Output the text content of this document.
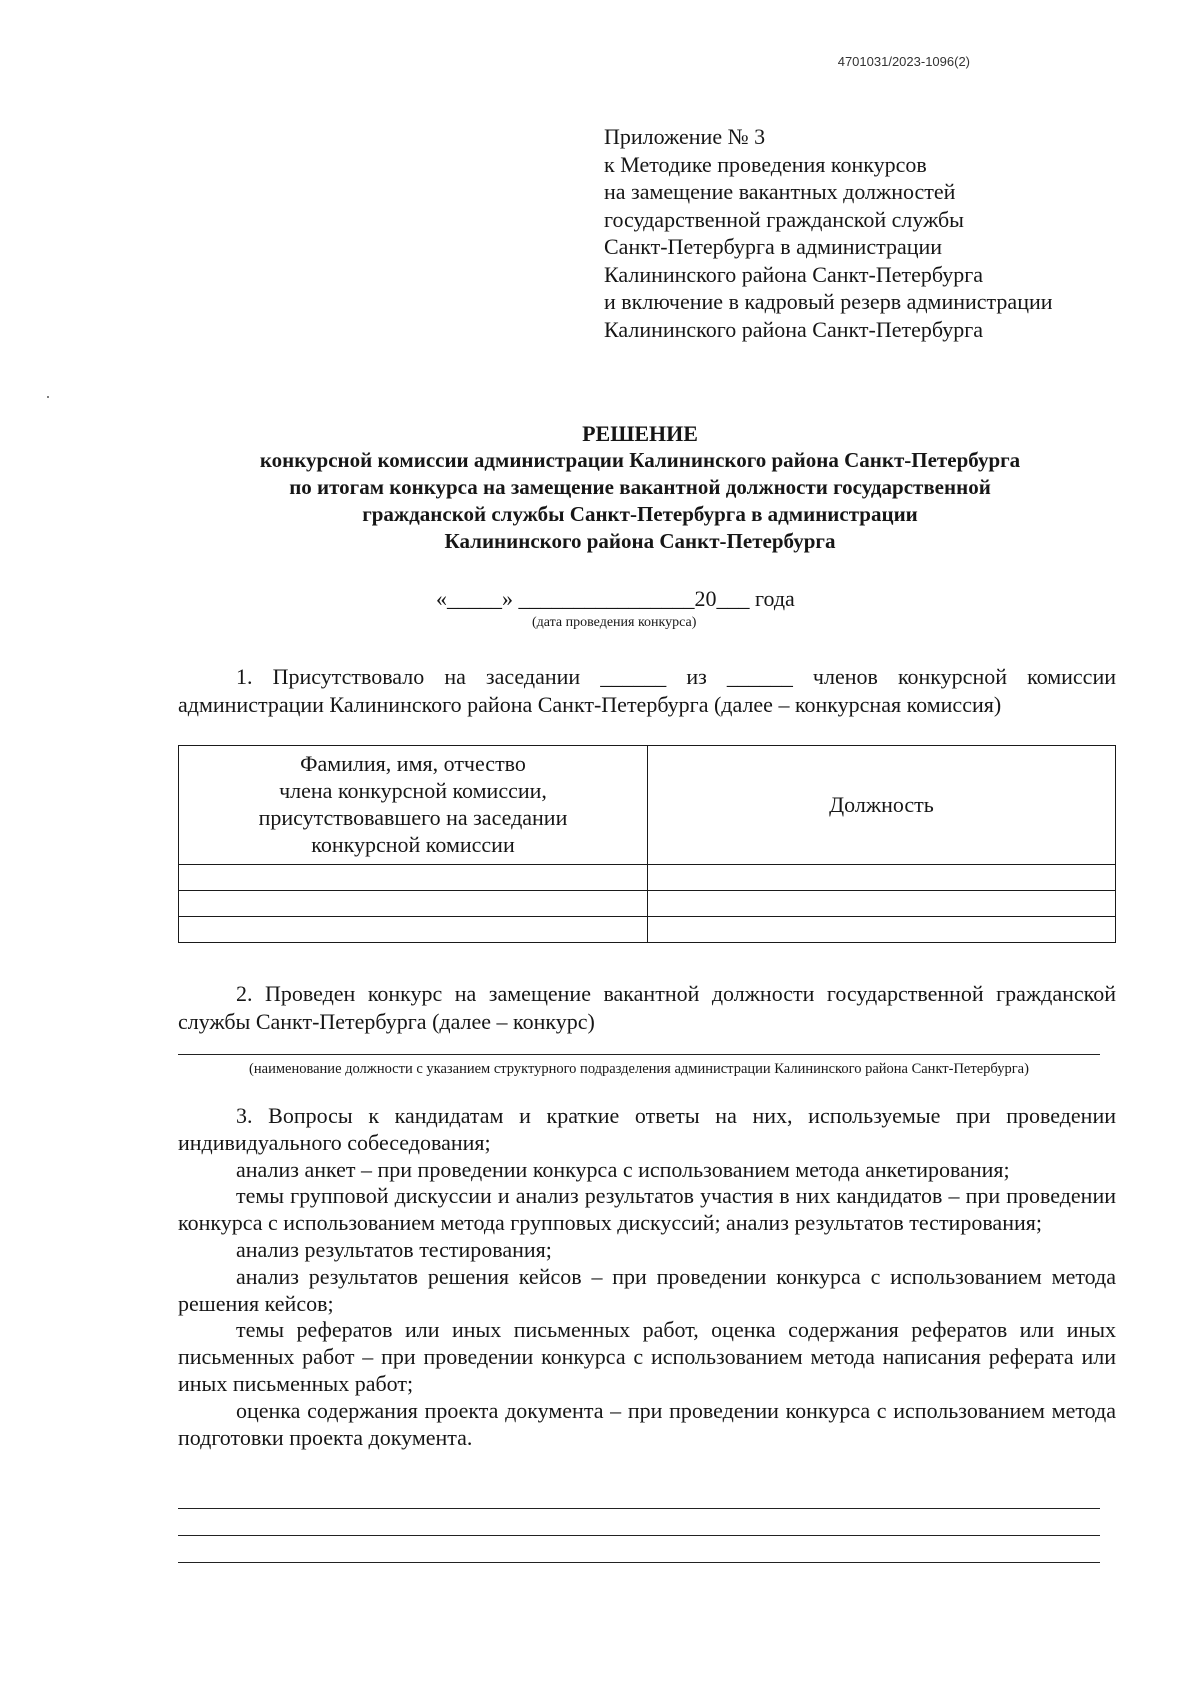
4701031/2023-1096(2)
Приложение № 3
к Методике проведения конкурсов
на замещение вакантных должностей
государственной гражданской службы
Санкт-Петербурга в администрации
Калининского района Санкт-Петербурга
и включение в кадровый резерв администрации
Калининского района Санкт-Петербурга
РЕШЕНИЕ
конкурсной комиссии администрации Калининского района Санкт-Петербурга
по итогам конкурса на замещение вакантной должности государственной
гражданской службы Санкт-Петербурга в администрации
Калининского района Санкт-Петербурга
«_____» ________________20___ года
(дата проведения конкурса)
1. Присутствовало на заседании ______ из ______ членов конкурсной комиссии администрации Калининского района Санкт-Петербурга (далее – конкурсная комиссия)
Фамилия, имя, отчество
члена конкурсной комиссии,
присутствовавшего на заседании
конкурсной комиссии	Должность

2. Проведен конкурс на замещение вакантной должности государственной гражданской службы Санкт-Петербурга (далее – конкурс)
(наименование должности с указанием структурного подразделения администрации Калининского района Санкт-Петербурга)

3. Вопросы к кандидатам и краткие ответы на них, используемые при проведении индивидуального собеседования;

анализ анкет – при проведении конкурса с использованием метода анкетирования;

темы групповой дискуссии и анализ результатов участия в них кандидатов – при проведении конкурса с использованием метода групповых дискуссий; анализ результатов тестирования;

анализ результатов тестирования;

анализ результатов решения кейсов – при проведении конкурса с использованием метода решения кейсов;

темы рефератов или иных письменных работ, оценка содержания рефератов или иных письменных работ – при проведении конкурса с использованием метода написания реферата или иных письменных работ;

оценка содержания проекта документа – при проведении конкурса с использованием метода подготовки проекта документа.
